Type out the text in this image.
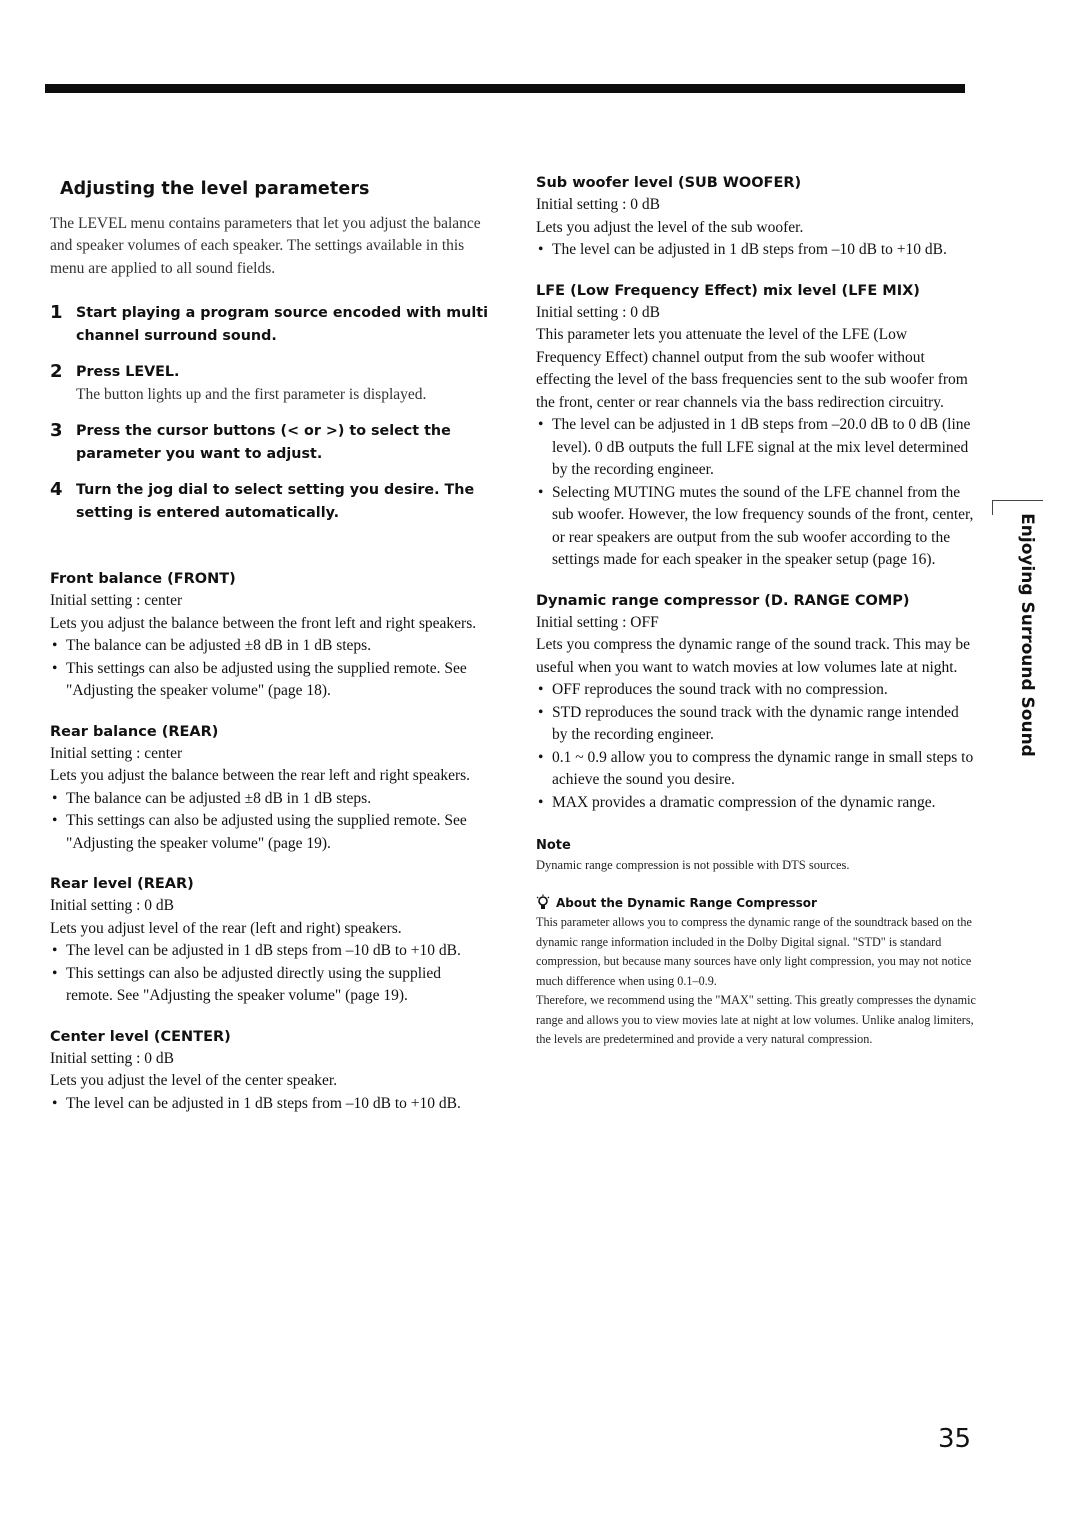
Adjusting the level parameters

The LEVEL menu contains parameters that let you adjust the balance and speaker volumes of each speaker. The settings available in this menu are applied to all sound fields.

1 Start playing a program source encoded with multi channel surround sound.
2 Press LEVEL.
The button lights up and the first parameter is displayed.
3 Press the cursor buttons (< or >) to select the parameter you want to adjust.
4 Turn the jog dial to select setting you desire. The setting is entered automatically.
Front balance (FRONT)

Initial setting : center

Lets you adjust the balance between the front left and right speakers.

• The balance can be adjusted ±8 dB in 1 dB steps.
• This settings can also be adjusted using the supplied remote. See "Adjusting the speaker volume" (page 18).
Rear balance (REAR)

Initial setting : center

Lets you adjust the balance between the rear left and right speakers.

• The balance can be adjusted ±8 dB in 1 dB steps.
• This settings can also be adjusted using the supplied remote. See "Adjusting the speaker volume" (page 19).
Rear level (REAR)

Initial setting : 0 dB

Lets you adjust level of the rear (left and right) speakers.

• The level can be adjusted in 1 dB steps from –10 dB to +10 dB.
• This settings can also be adjusted directly using the supplied remote. See "Adjusting the speaker volume" (page 19).
Center level (CENTER)

Initial setting : 0 dB

Lets you adjust the level of the center speaker.

• The level can be adjusted in 1 dB steps from –10 dB to +10 dB.
Sub woofer level (SUB WOOFER)

Initial setting : 0 dB

Lets you adjust the level of the sub woofer.

• The level can be adjusted in 1 dB steps from –10 dB to +10 dB.
LFE (Low Frequency Effect) mix level (LFE MIX)

Initial setting : 0 dB

This parameter lets you attenuate the level of the LFE (Low Frequency Effect) channel output from the sub woofer without effecting the level of the bass frequencies sent to the sub woofer from the front, center or rear channels via the bass redirection circuitry.

• The level can be adjusted in 1 dB steps from –20.0 dB to 0 dB (line level). 0 dB outputs the full LFE signal at the mix level determined by the recording engineer.
• Selecting MUTING mutes the sound of the LFE channel from the sub woofer. However, the low frequency sounds of the front, center, or rear speakers are output from the sub woofer according to the settings made for each speaker in the speaker setup (page 16).
Dynamic range compressor (D. RANGE COMP)

Initial setting : OFF

Lets you compress the dynamic range of the sound track. This may be useful when you want to watch movies at low volumes late at night.

• OFF reproduces the sound track with no compression.
• STD reproduces the sound track with the dynamic range intended by the recording engineer.
• 0.1 ~ 0.9 allow you to compress the dynamic range in small steps to achieve the sound you desire.
• MAX provides a dramatic compression of the dynamic range.
Note
Dynamic range compression is not possible with DTS sources.
About the Dynamic Range Compressor
This parameter allows you to compress the dynamic range of the soundtrack based on the dynamic range information included in the Dolby Digital signal. "STD" is standard compression, but because many sources have only light compression, you may not notice much difference when using 0.1–0.9.
Therefore, we recommend using the "MAX" setting. This greatly compresses the dynamic range and allows you to view movies late at night at low volumes. Unlike analog limiters, the levels are predetermined and provide a very natural compression.
Enjoying Surround Sound
35
